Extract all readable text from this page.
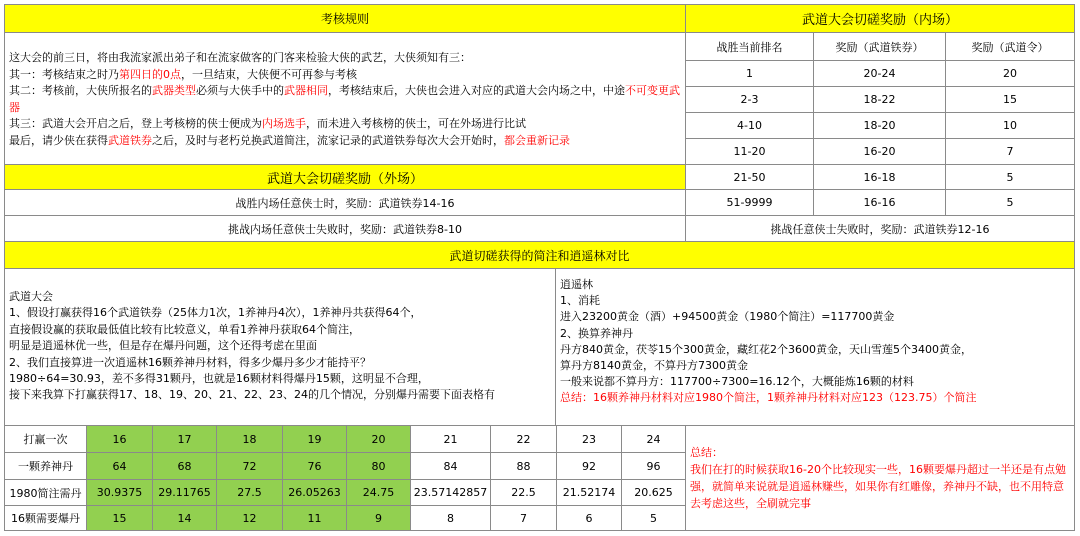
考核规则
这大会的前三日，将由我流家派出弟子和在流家做客的门客来检验大侠的武艺，大侠须知有三：
其一：考核结束之时乃第四日的0点，一旦结束，大侠便不可再参与考核
其二：考核前，大侠所报名的武器类型必须与大侠手中的武器相同，考核结束后，大侠也会进入对应的武道大会内场之中，中途不可变更武器
其三：武道大会开启之后，登上考核榜的侠士便成为内场选手，而未进入考核榜的侠士，可在外场进行比试
最后，请少侠在获得武道铁券之后，及时与老朽兑换武道简注，流家记录的武道铁券每次大会开始时，都会重新记录
武道大会切磋奖励（内场）
战胜当前排名	奖励（武道铁券）	奖励（武道令）
1	20-24	20
2-3	18-22	15
4-10	18-20	10
11-20	16-20	7
21-50	16-18	5
51-9999	16-16	5
挑战任意侠士失败时，奖励：武道铁券12-16
武道大会切磋奖励（外场）
战胜内场任意侠士时，奖励：武道铁券14-16
挑战内场任意侠士失败时，奖励：武道铁券8-10
武道切磋获得的简注和逍遥林对比
武道大会
1、假设打赢获得16个武道铁券（25体力1次，1养神丹4次），1养神丹共获得64个，
直接假设赢的获取最低值比较有比较意义，单看1养神丹获取64个简注，
明显是逍遥林优一些，但是存在爆丹问题，这个还得考虑在里面
2、我们直接算进一次逍遥林16颗养神丹材料，得多少爆丹多少才能持平？
1980÷64=30.93，差不多得31颗丹，也就是16颗材料得爆丹15颗，这明显不合理，
接下来我算下打赢获得17、18、19、20、21、22、23、24的几个情况，分别爆丹需要下面表格有
逍遥林
1、消耗
进入23200黄金（酒）+94500黄金（1980个简注）=117700黄金
2、换算养神丹
丹方840黄金，茯苓15个300黄金，藏红花2个3600黄金，天山雪莲5个3400黄金，
算丹方8140黄金，不算丹方7300黄金
一般来说都不算丹方：117700÷7300=16.12个，大概能炼16颗的材料
总结：16颗养神丹材料对应1980个简注，1颗养神丹材料对应123（123.75）个简注
打赢一次	16	17	18	19	20	21	22	23	24
一颗养神丹	64	68	72	76	80	84	88	92	96
1980简注需丹 30.9375 29.11765 27.5 26.05263 24.75 23.57142857 22.5 21.52174 20.625
16颗需要爆丹	15	14	12	11	9	8	7	6	5
总结：
我们在打的时候获取16-20个比较现实一些，16颗要爆丹超过一半还是有点勉强，就简单来说就是逍遥林赚些，如果你有红雕像，养神丹不缺，也不用特意去考虑这些，全刷就完事
